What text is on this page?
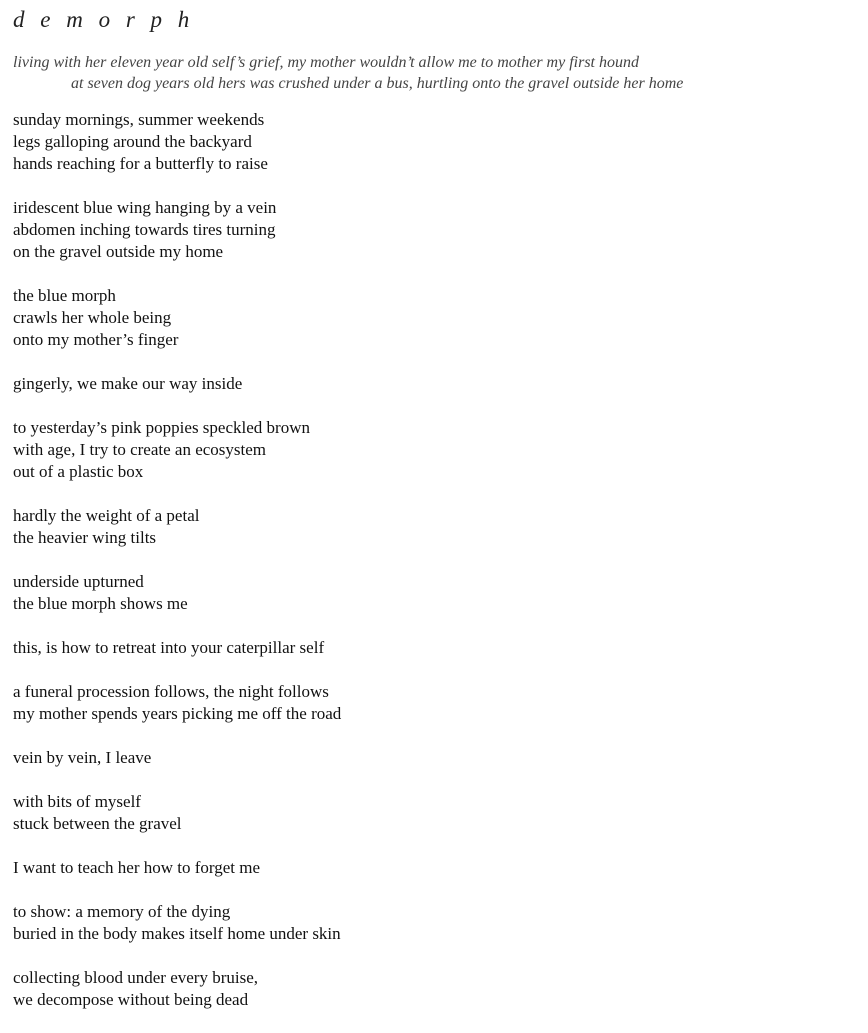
d e m o r p h
living with her eleven year old self’s grief, my mother wouldn’t allow me to mother my first hound
at seven dog years old hers was crushed under a bus, hurtling onto the gravel outside her home
sunday mornings, summer weekends
legs galloping around the backyard
hands reaching for a butterfly to raise
iridescent blue wing hanging by a vein
abdomen inching towards tires turning
on the gravel outside my home
the blue morph
crawls her whole being
onto my mother’s finger
gingerly, we make our way inside
to yesterday’s pink poppies speckled brown
with age, I try to create an ecosystem
out of a plastic box
hardly the weight of a petal
the heavier wing tilts
underside upturned
the blue morph shows me
this, is how to retreat into your caterpillar self
a funeral procession follows, the night follows
my mother spends years picking me off the road
vein by vein, I leave
with bits of myself
stuck between the gravel
I want to teach her how to forget me
to show: a memory of the dying
buried in the body makes itself home under skin
collecting blood under every bruise,
we decompose without being dead
